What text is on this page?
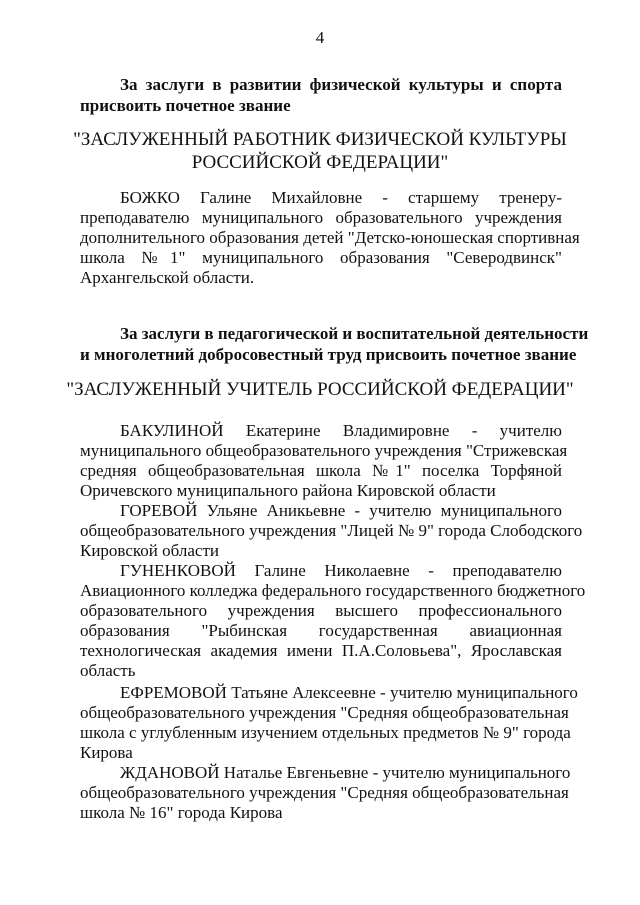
4
За заслуги в развитии физической культуры и спорта
присвоить почетное звание
"ЗАСЛУЖЕННЫЙ РАБОТНИК ФИЗИЧЕСКОЙ КУЛЬТУРЫ
РОССИЙСКОЙ ФЕДЕРАЦИИ"
БОЖКО Галине Михайловне - старшему тренеру-
преподавателю муниципального образовательного учреждения
дополнительного образования детей "Детско-юношеская спортивная
школа №1" муниципального образования "Северодвинск"
Архангельской области.
За заслуги в педагогической и воспитательной деятельности
и многолетний добросовестный труд присвоить почетное звание
"ЗАСЛУЖЕННЫЙ УЧИТЕЛЬ РОССИЙСКОЙ ФЕДЕРАЦИИ"
БАКУЛИНОЙ Екатерине Владимировне - учителю
муниципального общеобразовательного учреждения "Стрижевская
средняя общеобразовательная школа №1" поселка Торфяной
Оричевского муниципального района Кировской области
ГОРЕВОЙ Ульяне Аникьевне - учителю муниципального
общеобразовательного учреждения "Лицей № 9" города Слободского
Кировской области
ГУНЕНКОВОЙ Галине Николаевне - преподавателю
Авиационного колледжа федерального государственного бюджетного
образовательного учреждения высшего профессионального
образования "Рыбинская государственная авиационная
технологическая академия имени П.А.Соловьева", Ярославская
область
ЕФРЕМОВОЙ Татьяне Алексеевне - учителю муниципального
общеобразовательного учреждения "Средняя общеобразовательная
школа с углубленным изучением отдельных предметов № 9" города
Кирова
ЖДАНОВОЙ Наталье Евгеньевне - учителю муниципального
общеобразовательного учреждения "Средняя общеобразовательная
школа № 16" города Кирова
